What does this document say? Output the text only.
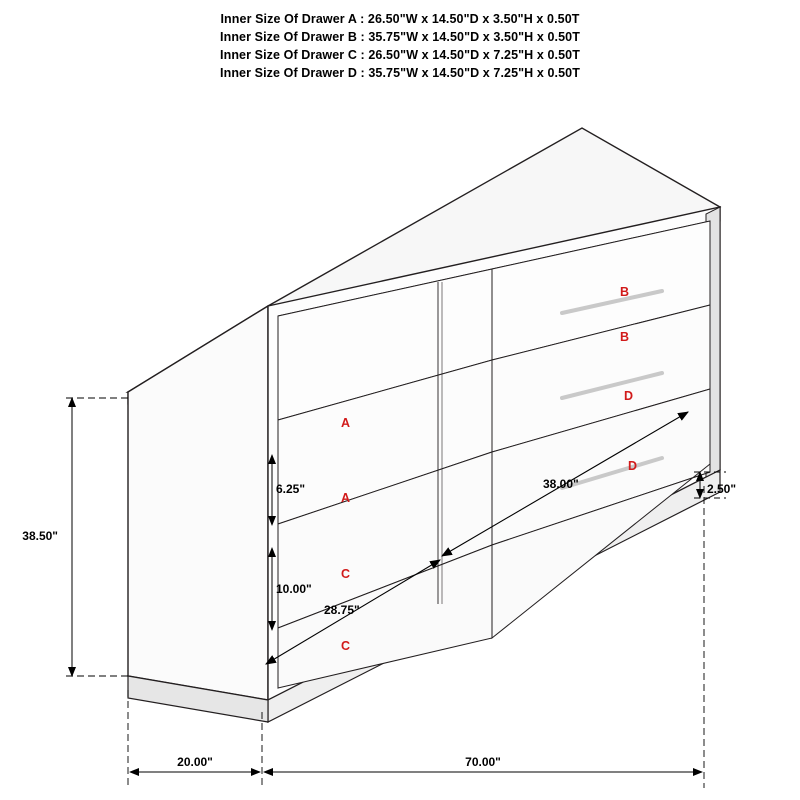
Inner Size Of Drawer A : 26.50"W x 14.50"D x 3.50"H x 0.50T
Inner Size Of Drawer B : 35.75"W x 14.50"D x 3.50"H x 0.50T
Inner Size Of Drawer C : 26.50"W x 14.50"D x 7.25"H x 0.50T
Inner Size Of Drawer D : 35.75"W x 14.50"D x 7.25"H x 0.50T
B
B
D
D
A
A
C
C
38.50"
6.25"
10.00"
2.50"
28.75"
38.00"
20.00"	70.00"
